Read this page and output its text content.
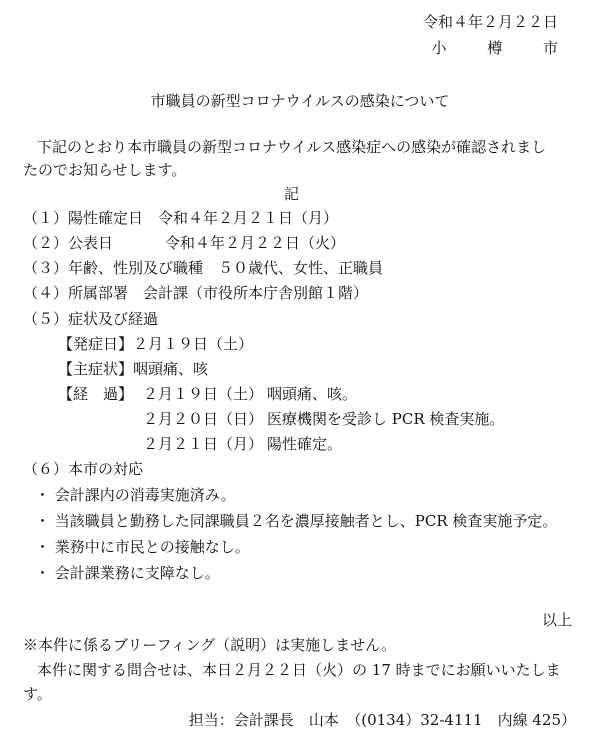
令和４年２月２２日
小 樽 市
市職員の新型コロナウイルスの感染について
下記のとおり本市職員の新型コロナウイルス感染症への感染が確認されまし
たのでお知らせします。
記
（１）陽性確定日　令和４年２月２１日（月）
（２）公表日	令和４年２月２２日（火）
（３）年齢、性別及び職種　５０歳代、女性、正職員
（４）所属部署　会計課（市役所本庁舎別館１階）
（５）症状及び経過
【発症日】２月１９日（土）
【主症状】咽頭痛、咳
【経　過】 ２月１９日（土） 咽頭痛、咳。
２月２０日（日） 医療機関を受診し PCR 検査実施。
２月２１日（月） 陽性確定。
（６）本市の対応
・ 会計課内の消毒実施済み。
・ 当該職員と勤務した同課職員２名を濃厚接触者とし、PCR 検査実施予定。
・ 業務中に市民との接触なし。
・ 会計課業務に支障なし。
以上
※本件に係るブリーフィング（説明）は実施しません。
本件に関する問合せは、本日２月２２日（火）の 17 時までにお願いいたしま
す。
担当：会計課長　山本　（(0134）32-4111　内線 425）
